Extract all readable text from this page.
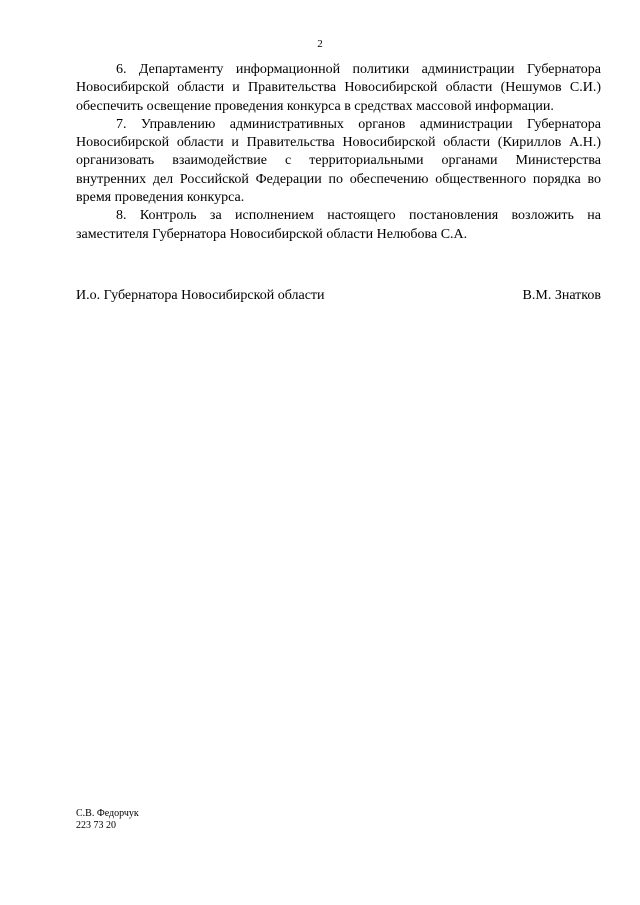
2

6. Департаменту информационной политики администрации Губернатора Новосибирской области и Правительства Новосибирской области (Нешумов С.И.) обеспечить освещение проведения конкурса в средствах массовой информации.

7. Управлению административных органов администрации Губернатора Новосибирской области и Правительства Новосибирской области (Кириллов А.Н.) организовать взаимодействие с территориальными органами Министерства внутренних дел Российской Федерации по обеспечению общественного порядка во время проведения конкурса.

8. Контроль за исполнением настоящего постановления возложить на заместителя Губернатора Новосибирской области Нелюбова С.А.

И.о. Губернатора Новосибирской области	В.М. Знатков
С.В. Федорчук
223 73 20
